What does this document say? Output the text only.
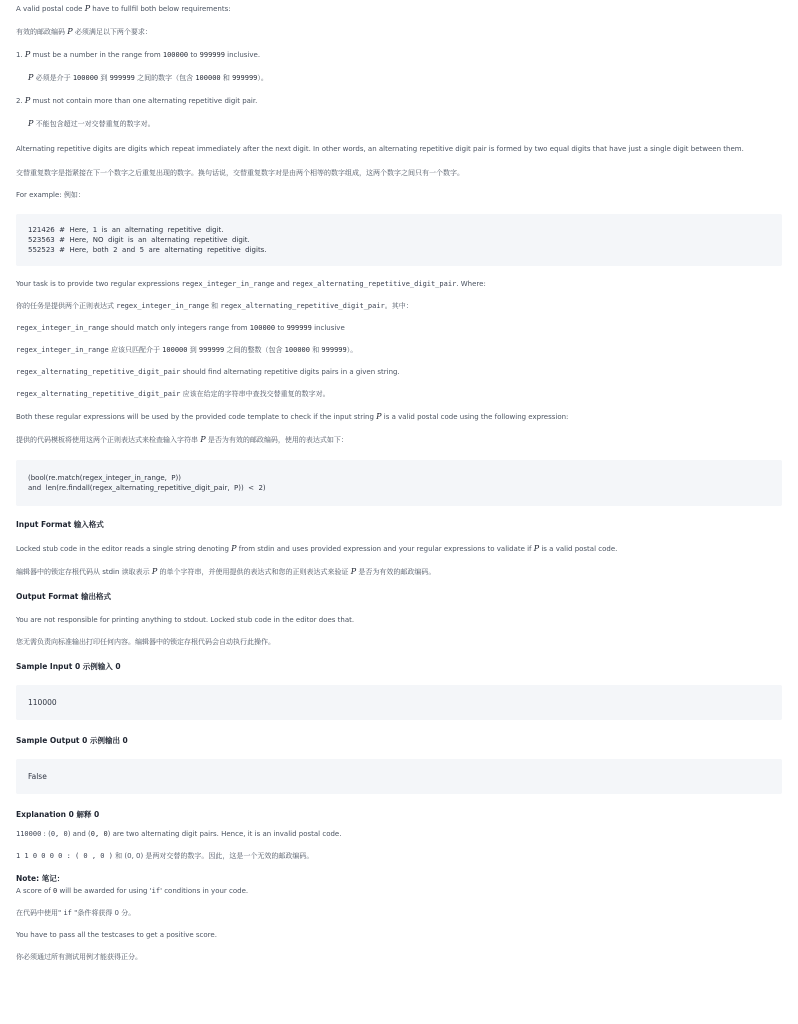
A valid postal code P have to fullfil both below requirements:

有效的邮政编码 P 必须满足以下两个要求：

1. P must be a number in the range from 100000 to 999999 inclusive.

P 必须是介于 100000 到 999999 之间的数字（包含 100000 和 999999）。

2. P must not contain more than one alternating repetitive digit pair.

P 不能包含超过一对交替重复的数字对。

Alternating repetitive digits are digits which repeat immediately after the next digit. In other words, an alternating repetitive digit pair is formed by two equal digits that have just a single digit between them.

交替重复数字是指紧接在下一个数字之后重复出现的数字。换句话说，交替重复数字对是由两个相等的数字组成，这两个数字之间只有一个数字。

For example: 例如：

121426  #  Here,  1  is  an  alternating  repetitive  digit.
523563  #  Here,  NO  digit  is  an  alternating  repetitive  digit.
552523  #  Here,  both  2  and  5  are  alternating  repetitive  digits.

Your task is to provide two regular expressions regex_integer_in_range and regex_alternating_repetitive_digit_pair. Where:

你的任务是提供两个正则表达式 regex_integer_in_range 和 regex_alternating_repetitive_digit_pair。其中：

regex_integer_in_range should match only integers range from 100000 to 999999 inclusive

regex_integer_in_range 应该只匹配介于 100000 到 999999 之间的整数（包含 100000 和 999999）。

regex_alternating_repetitive_digit_pair should find alternating repetitive digits pairs in a given string.

regex_alternating_repetitive_digit_pair 应该在给定的字符串中查找交替重复的数字对。

Both these regular expressions will be used by the provided code template to check if the input string P is a valid postal code using the following expression:

提供的代码模板将使用这两个正则表达式来检查输入字符串 P 是否为有效的邮政编码，使用的表达式如下：

(bool(re.match(regex_integer_in_range,  P))
and  len(re.findall(regex_alternating_repetitive_digit_pair,  P))  <  2)
Input Format 输入格式

Locked stub code in the editor reads a single string denoting P from stdin and uses provided expression and your regular expressions to validate if P is a valid postal code.

编辑器中的锁定存根代码从 stdin 读取表示 P 的单个字符串，并使用提供的表达式和您的正则表达式来验证 P 是否为有效的邮政编码。

Output Format 输出格式

You are not responsible for printing anything to stdout. Locked stub code in the editor does that.

您无需负责向标准输出打印任何内容。编辑器中的锁定存根代码会自动执行此操作。

Sample Input 0 示例输入 0
110000
Sample Output 0 示例输出 0
False
Explanation 0 解释 0

110000 : (0, 0) and (0, 0) are two alternating digit pairs. Hence, it is an invalid postal code.

1 1 0 0 0 0 : ( 0 , 0 ) 和 (0, 0) 是两对交替的数字。因此，这是一个无效的邮政编码。

Note: 笔记：

A score of 0 will be awarded for using 'if' conditions in your code.

在代码中使用" if "条件将获得 0 分。

You have to pass all the testcases to get a positive score.

你必须通过所有测试用例才能获得正分。
